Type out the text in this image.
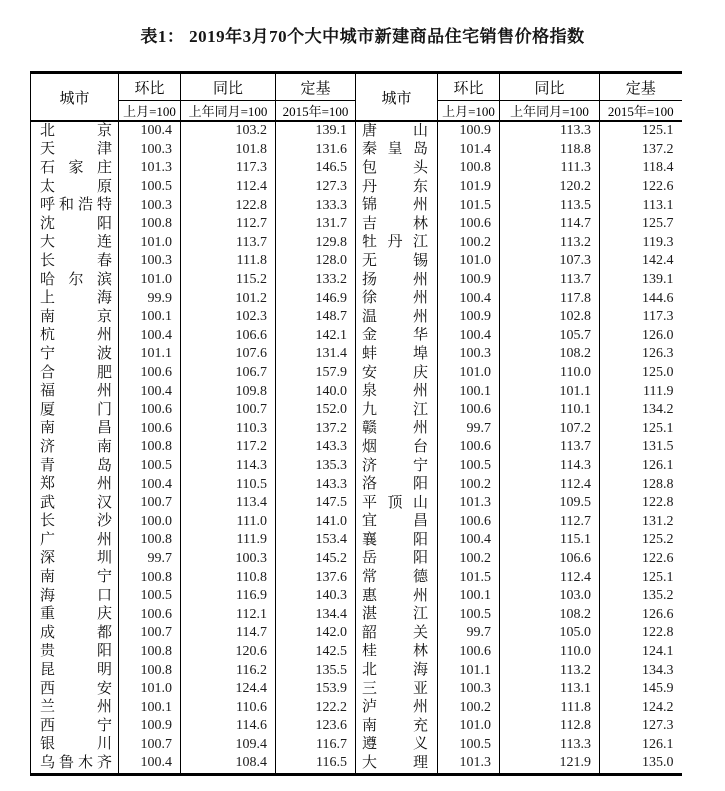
表1： 2019年3月70个大中城市新建商品住宅销售价格指数
城市	环比	同比	定基	城市	环比	同比	定基
	上月=100	上年同月=100	2015年=100		上月=100	上年同月=100	2015年=100
北京	100.4	103.2	139.1	唐山	100.9	113.3	125.1
天津	100.3	101.8	131.6	秦皇岛	101.4	118.8	137.2
石家庄	101.3	117.3	146.5	包头	100.8	111.3	118.4
太原	100.5	112.4	127.3	丹东	101.9	120.2	122.6
呼和浩特	100.3	122.8	133.3	锦州	101.5	113.5	113.1
沈阳	100.8	112.7	131.7	吉林	100.6	114.7	125.7
大连	101.0	113.7	129.8	牡丹江	100.2	113.2	119.3
长春	100.3	111.8	128.0	无锡	101.0	107.3	142.4
哈尔滨	101.0	115.2	133.2	扬州	100.9	113.7	139.1
上海	99.9	101.2	146.9	徐州	100.4	117.8	144.6
南京	100.1	102.3	148.7	温州	100.9	102.8	117.3
杭州	100.4	106.6	142.1	金华	100.4	105.7	126.0
宁波	101.1	107.6	131.4	蚌埠	100.3	108.2	126.3
合肥	100.6	106.7	157.9	安庆	101.0	110.0	125.0
福州	100.4	109.8	140.0	泉州	100.1	101.1	111.9
厦门	100.6	100.7	152.0	九江	100.6	110.1	134.2
南昌	100.6	110.3	137.2	赣州	99.7	107.2	125.1
济南	100.8	117.2	143.3	烟台	100.6	113.7	131.5
青岛	100.5	114.3	135.3	济宁	100.5	114.3	126.1
郑州	100.4	110.5	143.3	洛阳	100.2	112.4	128.8
武汉	100.7	113.4	147.5	平顶山	101.3	109.5	122.8
长沙	100.0	111.0	141.0	宜昌	100.6	112.7	131.2
广州	100.8	111.9	153.4	襄阳	100.4	115.1	125.2
深圳	99.7	100.3	145.2	岳阳	100.2	106.6	122.6
南宁	100.8	110.8	137.6	常德	101.5	112.4	125.1
海口	100.5	116.9	140.3	惠州	100.1	103.0	135.2
重庆	100.6	112.1	134.4	湛江	100.5	108.2	126.6
成都	100.7	114.7	142.0	韶关	99.7	105.0	122.8
贵阳	100.8	120.6	142.5	桂林	100.6	110.0	124.1
昆明	100.8	116.2	135.5	北海	101.1	113.2	134.3
西安	101.0	124.4	153.9	三亚	100.3	113.1	145.9
兰州	100.1	110.6	122.2	泸州	100.2	111.8	124.2
西宁	100.9	114.6	123.6	南充	101.0	112.8	127.3
银川	100.7	109.4	116.7	遵义	100.5	113.3	126.1
乌鲁木齐	100.4	108.4	116.5	大理	101.3	121.9	135.0
